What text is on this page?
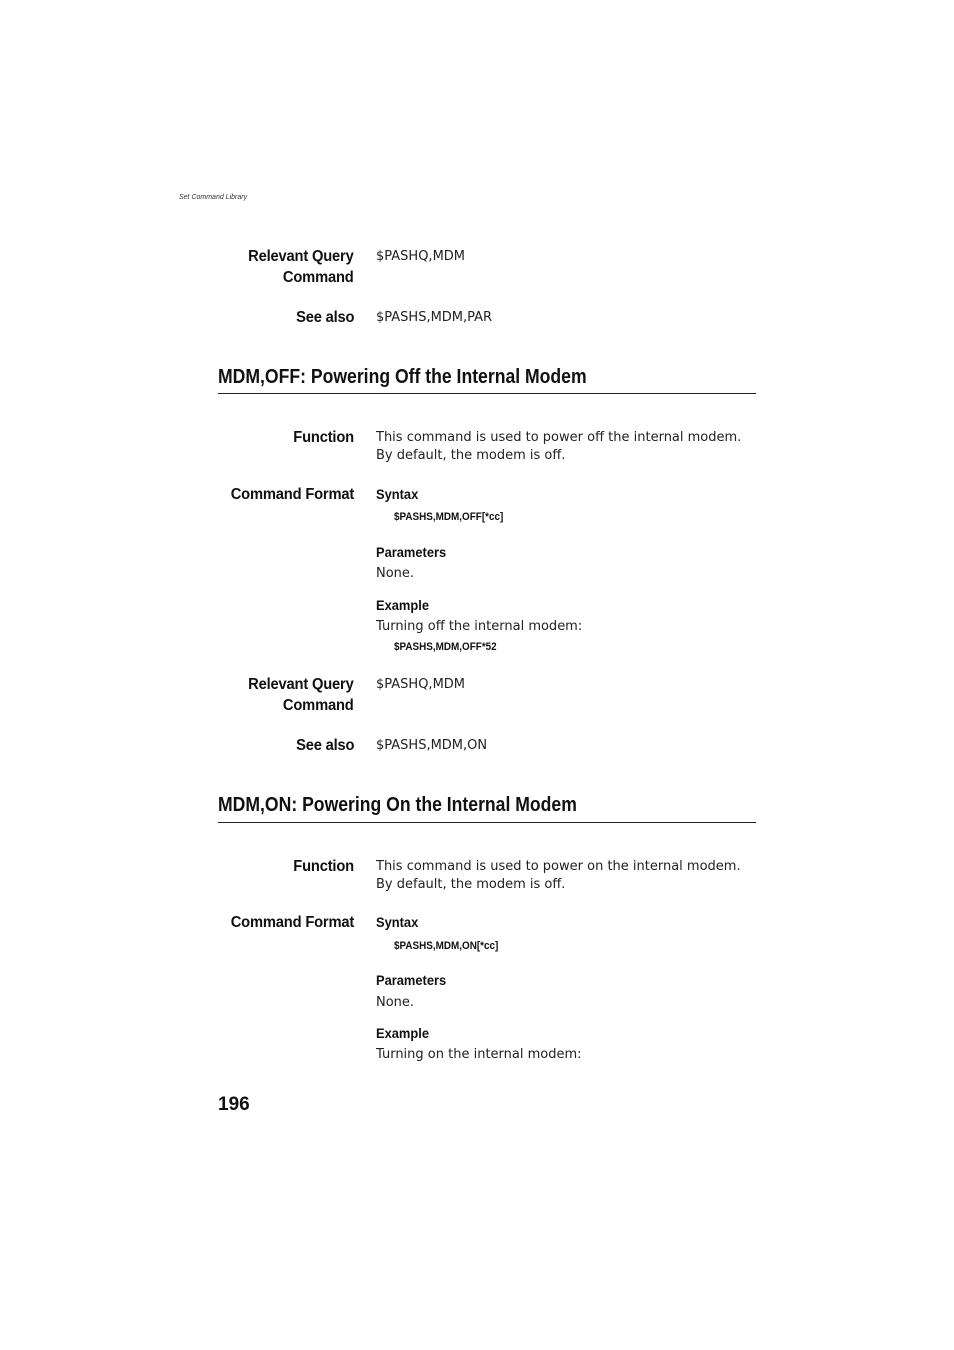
Set Command Library
Relevant Query
Command
$PASHQ,MDM
See also $PASHS,MDM,PAR
MDM,OFF: Powering Off the Internal Modem
Function This command is used to power off the internal modem. By default, the modem is off.
Command Format Syntax
$PASHS,MDM,OFF[*cc]
Parameters
None.
Example
Turning off the internal modem:
$PASHS,MDM,OFF*52
Relevant Query
Command
$PASHQ,MDM
See also $PASHS,MDM,ON
MDM,ON: Powering On the Internal Modem
Function This command is used to power on the internal modem. By default, the modem is off.
Command Format Syntax
$PASHS,MDM,ON[*cc]
Parameters
None.
Example
Turning on the internal modem:
196
